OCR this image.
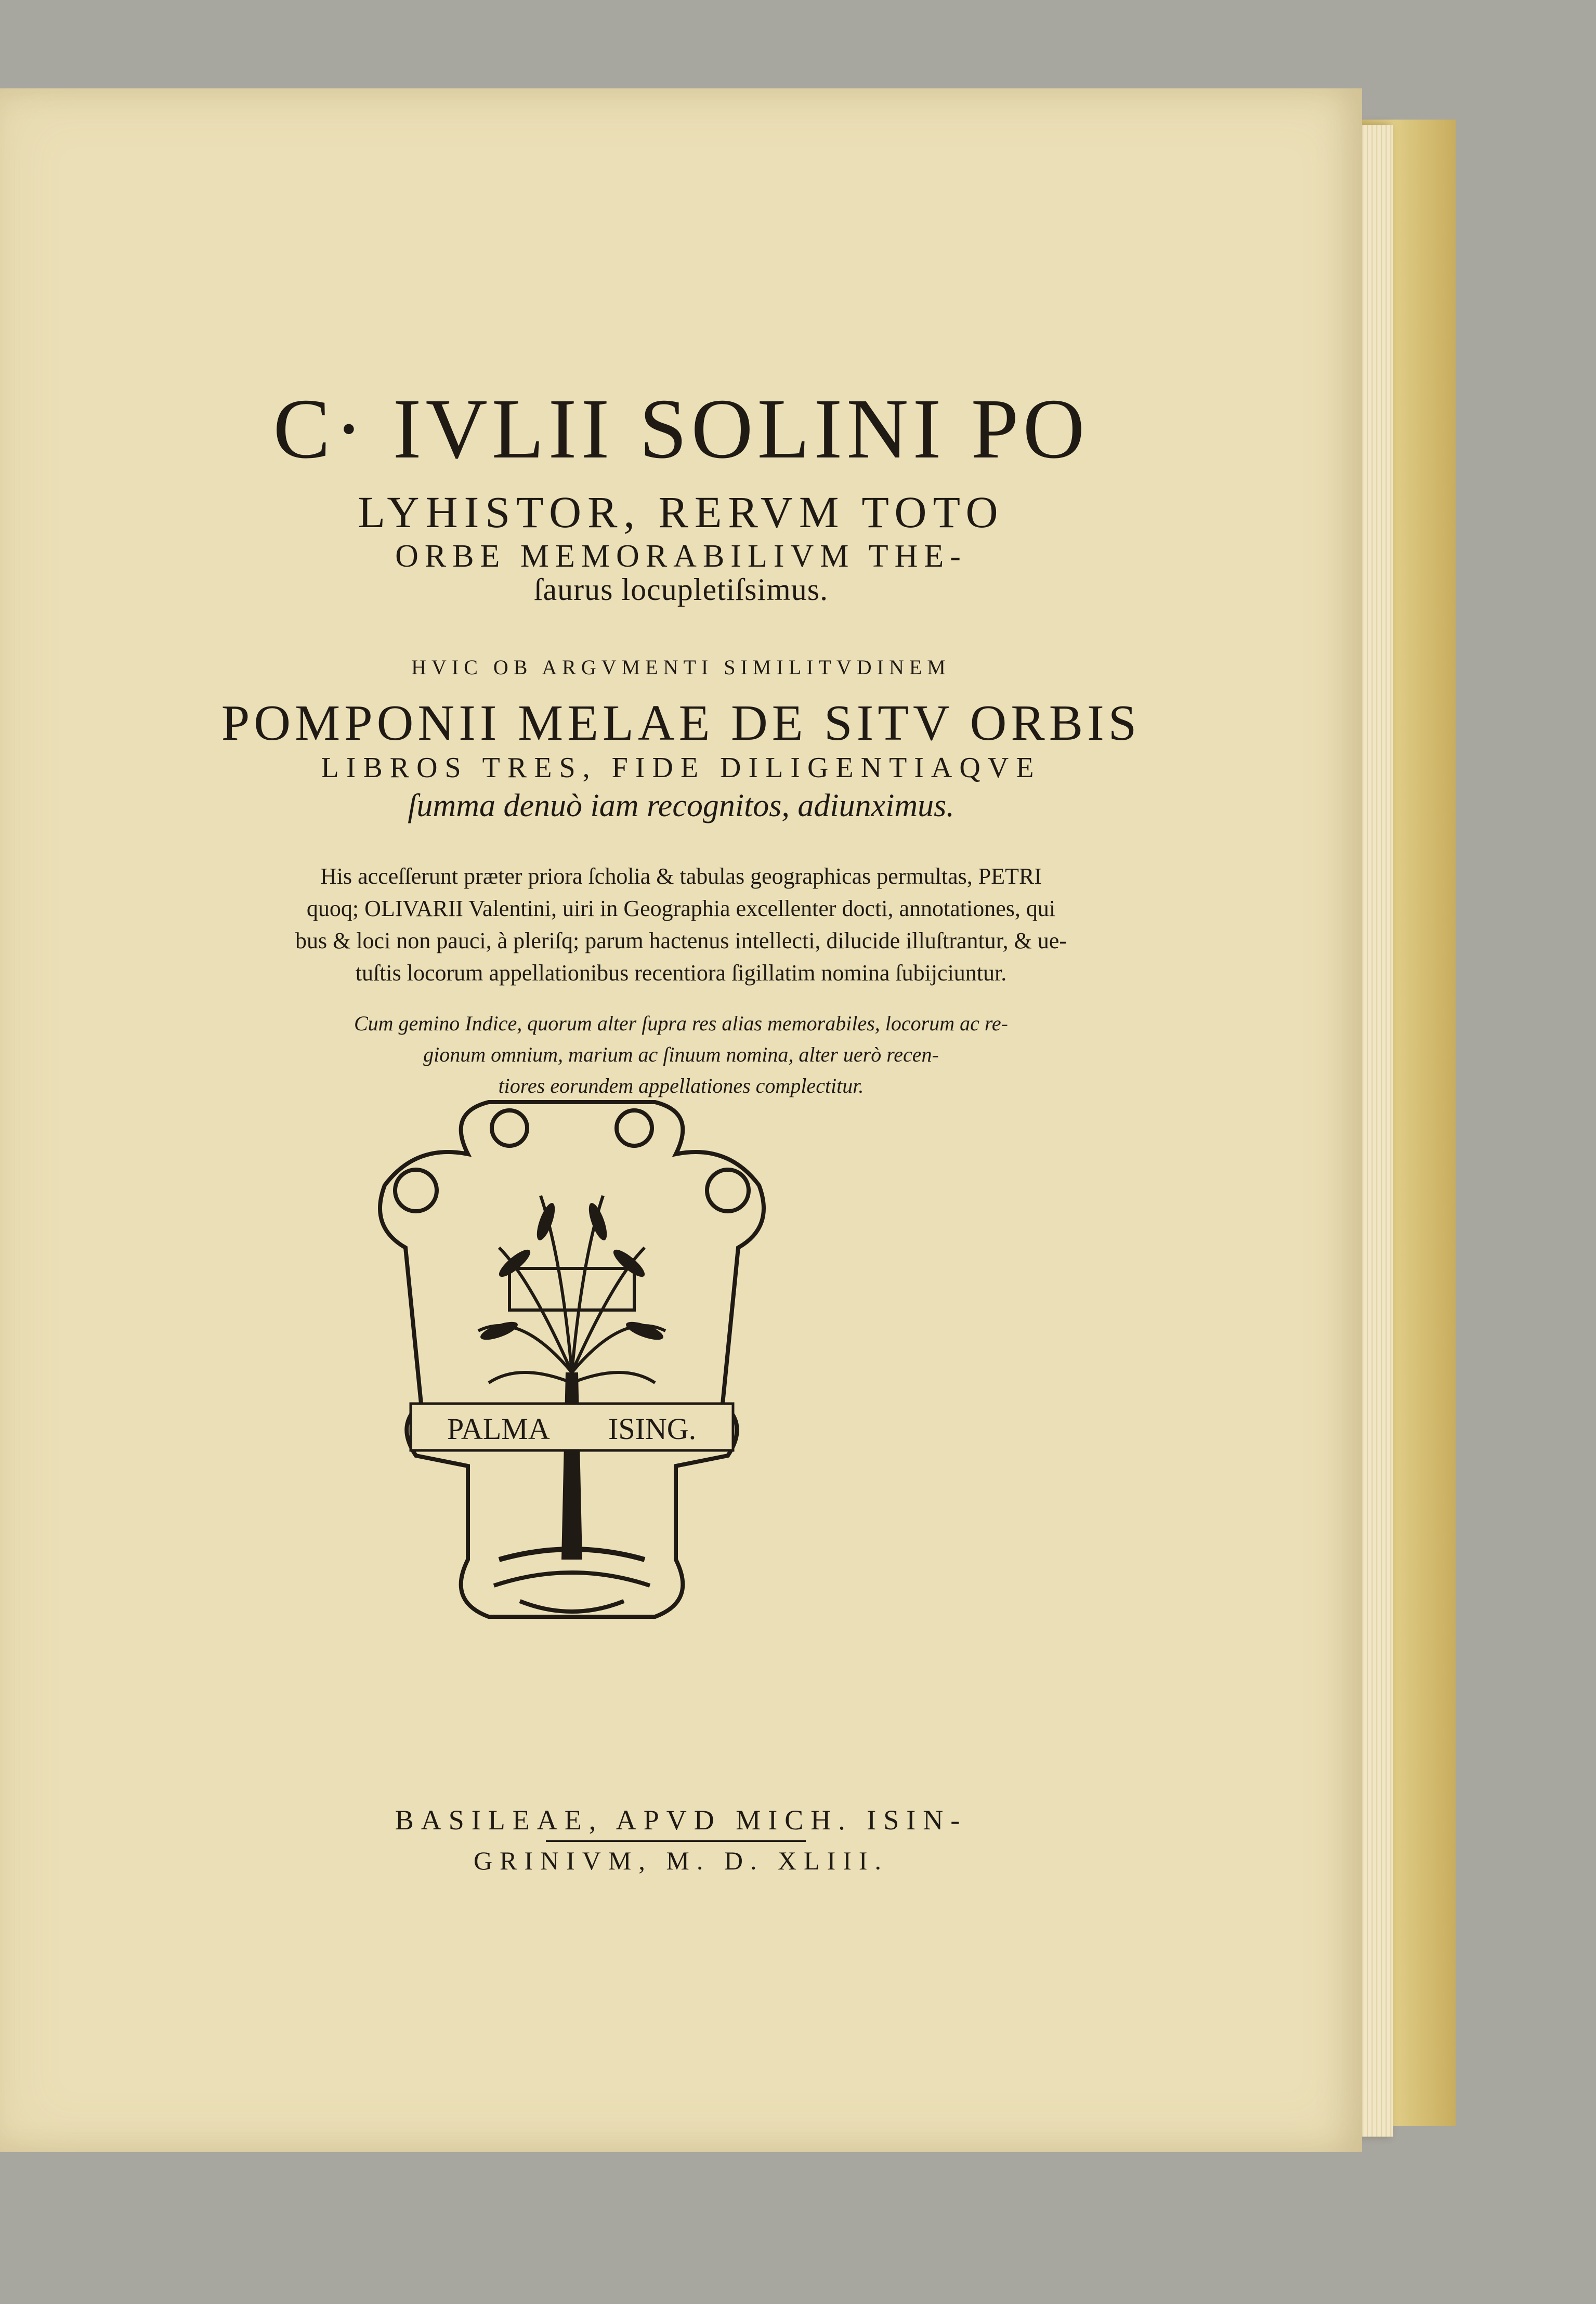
C· IVLII SOLINI PO

LYHISTOR, RERVM TOTO

ORBE MEMORABILIVM THE-

ſaurus locupletiſsimus.

HVIC OB ARGVMENTI SIMILITVDINEM

POMPONII MELAE DE SITV ORBIS

LIBROS TRES, FIDE DILIGENTIAQVE

ſumma denuò iam recognitos, adiunximus.

His acceſſerunt præter priora ſcholia & tabulas geographicas permultas, PETRI

quoq; OLIVARII Valentini, uiri in Geographia excellenter docti, annotationes, qui

bus & loci non pauci, à pleriſq; parum hactenus intellecti, dilucide illuſtrantur, & ue-

tuſtis locorum appellationibus recentiora ſigillatim nomina ſubijciuntur.

Cum gemino Indice, quorum alter ſupra res alias memorabiles, locorum ac re-

gionum omnium, marium ac ſinuum nomina, alter uerò recen-

tiores eorundem appellationes complectitur.

PALMA ISING.

BASILEAE, APVD MICH. ISIN-

GRINIVM, M. D. XLIII.
